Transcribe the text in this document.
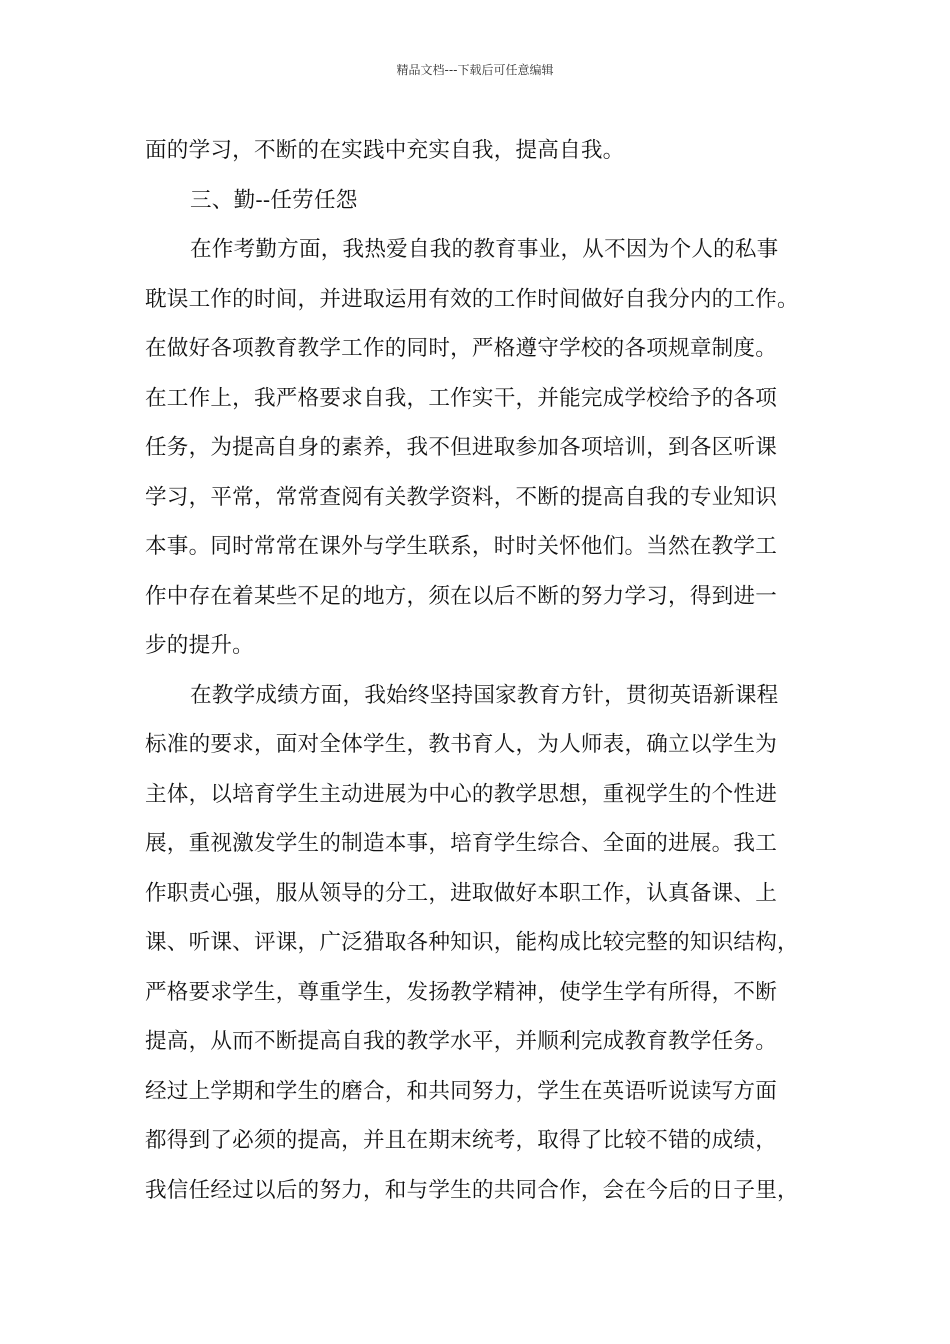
精品文档---下载后可任意编辑
面的学习，不断的在实践中充实自我，提高自我。
三、勤--任劳任怨
在作考勤方面，我热爱自我的教育事业，从不因为个人的私事
耽误工作的时间，并进取运用有效的工作时间做好自我分内的工作。
在做好各项教育教学工作的同时，严格遵守学校的各项规章制度。
在工作上，我严格要求自我，工作实干，并能完成学校给予的各项
任务，为提高自身的素养，我不但进取参加各项培训，到各区听课
学习，平常，常常查阅有关教学资料，不断的提高自我的专业知识
本事。同时常常在课外与学生联系，时时关怀他们。当然在教学工
作中存在着某些不足的地方，须在以后不断的努力学习，得到进一
步的提升。
在教学成绩方面，我始终坚持国家教育方针，贯彻英语新课程
标准的要求，面对全体学生，教书育人，为人师表，确立以学生为
主体，以培育学生主动进展为中心的教学思想，重视学生的个性进
展，重视激发学生的制造本事，培育学生综合、全面的进展。我工
作职责心强，服从领导的分工，进取做好本职工作，认真备课、上
课、听课、评课，广泛猎取各种知识，能构成比较完整的知识结构，
严格要求学生，尊重学生，发扬教学精神，使学生学有所得，不断
提高，从而不断提高自我的教学水平，并顺利完成教育教学任务。
经过上学期和学生的磨合，和共同努力，学生在英语听说读写方面
都得到了必须的提高，并且在期末统考，取得了比较不错的成绩，
我信任经过以后的努力，和与学生的共同合作，会在今后的日子里，
